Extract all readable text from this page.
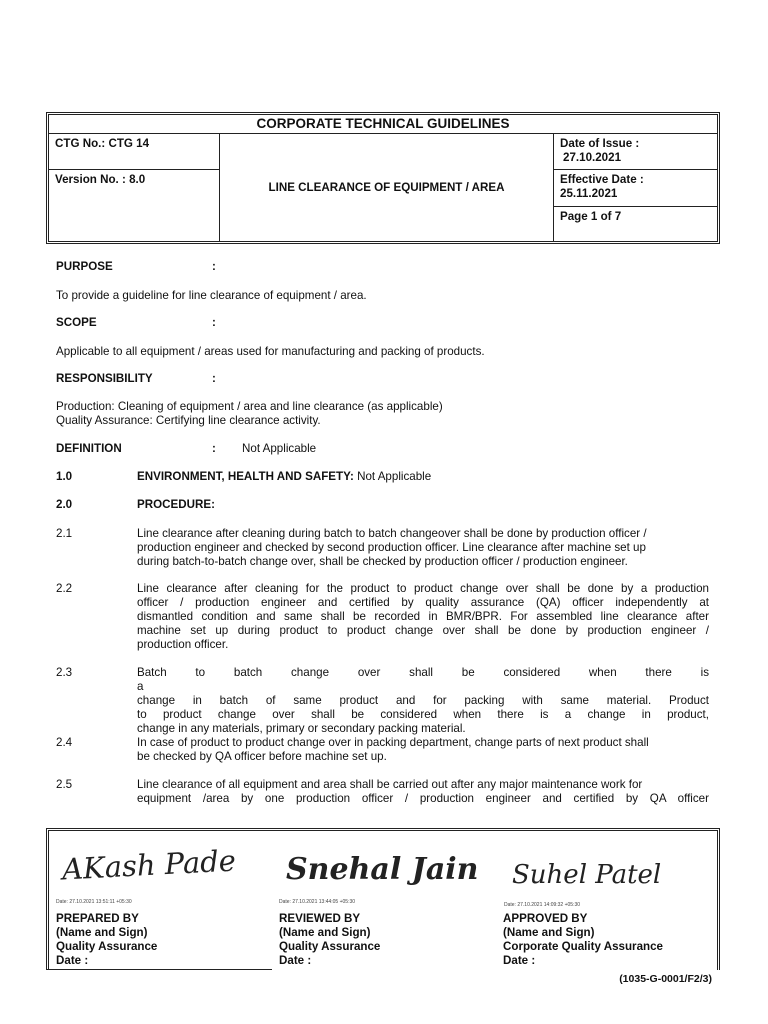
CORPORATE TECHNICAL GUIDELINES
CTG No.: CTG 14
Version No. : 8.0
LINE CLEARANCE OF EQUIPMENT / AREA
Date of Issue :
27.10.2021
Effective Date :
25.11.2021
Page 1 of 7
PURPOSE	:
To provide a guideline for line clearance of equipment / area.
SCOPE	:
Applicable to all equipment / areas used for manufacturing and packing of products.
RESPONSIBILITY	:
Production: Cleaning of equipment / area and line clearance (as applicable)
Quality Assurance: Certifying line clearance activity.
DEFINITION	: Not Applicable
1.0	ENVIRONMENT, HEALTH AND SAFETY: Not Applicable
2.0	PROCEDURE:
2.1	Line clearance after cleaning during batch to batch changeover shall be done by production officer /
production engineer and checked by second production officer. Line clearance after machine set up
during batch-to-batch change over, shall be checked by production officer / production engineer.
2.2	Line clearance after cleaning for the product to product change over shall be done by a production
officer / production engineer and certified by quality assurance (QA) officer independently at
dismantled condition and same shall be recorded in BMR/BPR. For assembled line clearance after
machine set up during product to product change over shall be done by production engineer /
production officer.
2.3	Batch to batch change over shall be considered when there is a
change in batch of same product and for packing with same material. Product
to product change over shall be considered when there is a change in product,
change in any materials, primary or secondary packing material.
2.4	In case of product to product change over in packing department, change parts of next product shall
be checked by QA officer before machine set up.
2.5	Line clearance of all equipment and area shall be carried out after any major maintenance work for
equipment /area by one production officer / production engineer and certified by QA officer
AKash Pade
Date: 27.10.2021 13:51:11 +05:30
PREPARED BY
(Name and Sign)
Quality Assurance
Date :
Snehal Jain
Date: 27.10.2021 13:44:05 +05:30
REVIEWED BY
(Name and Sign)
Quality Assurance
Date :
Suhel Patel
Date: 27.10.2021 14:09:32 +05:30
APPROVED BY
(Name and Sign)
Corporate Quality Assurance
Date :
(1035-G-0001/F2/3)
